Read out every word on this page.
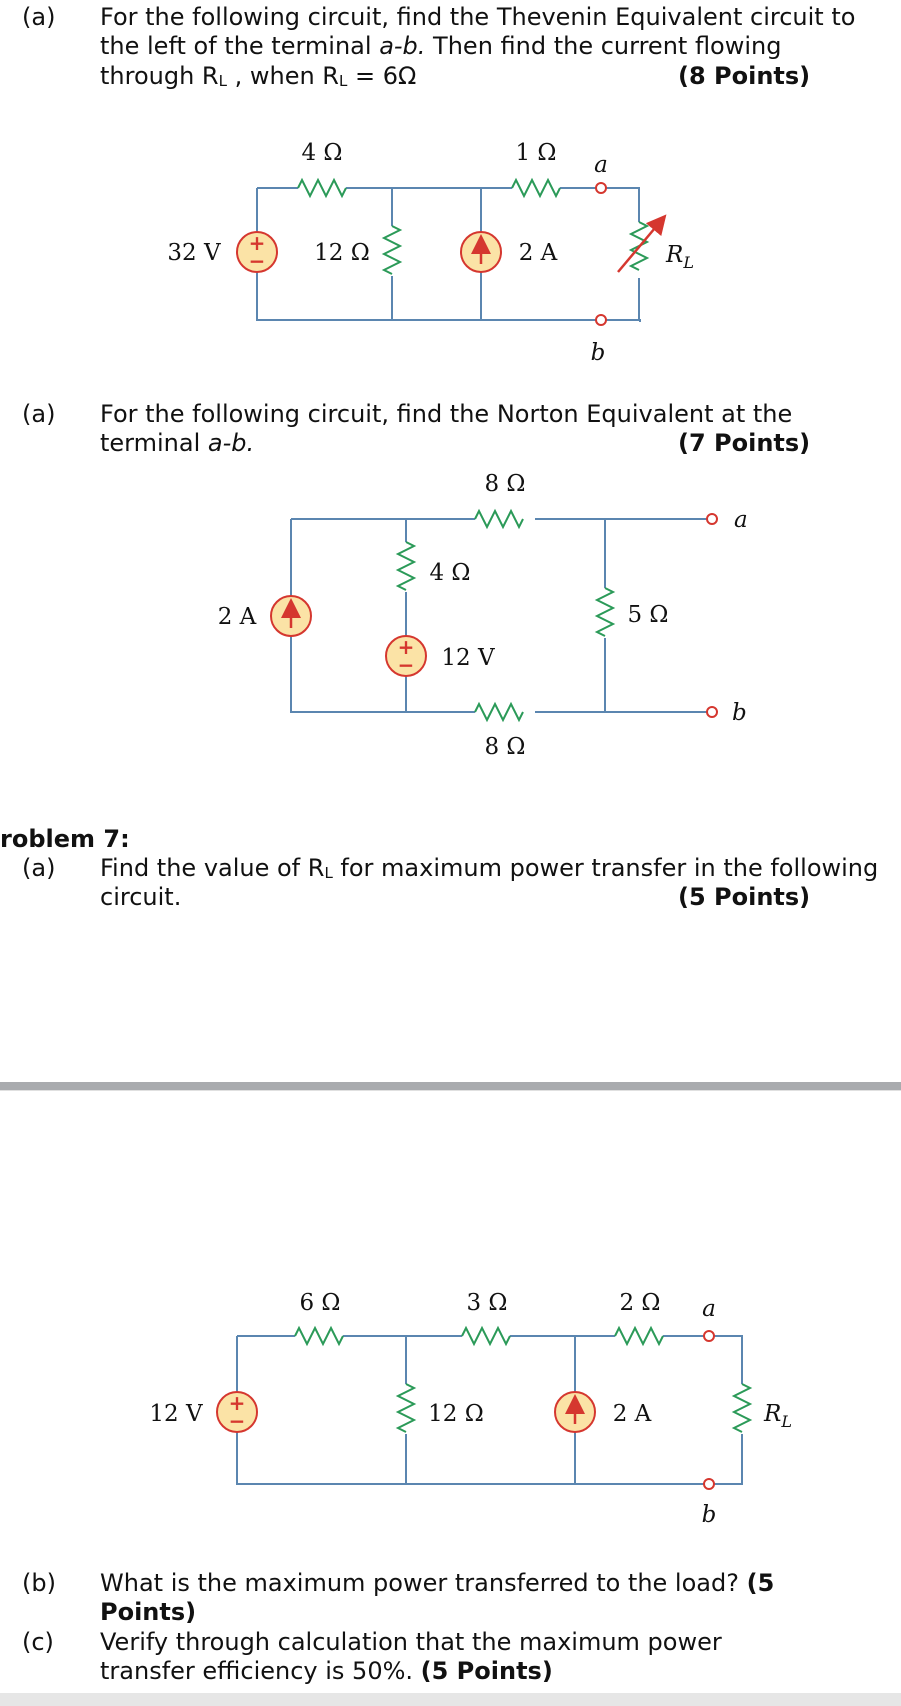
(a) For the following circuit, find the Thevenin Equivalent circuit to
the left of the terminal a-b. Then find the current flowing
through RL , when RL = 6Ω	(8 Points)
(a) For the following circuit, find the Norton Equivalent at the
terminal a-b.	(7 Points)
roblem 7:
(a) Find the value of RL for maximum power transfer in the following
circuit.	(5 Points)
(b) What is the maximum power transferred to the load? (5
Points)
(c) Verify through calculation that the maximum power
transfer efficiency is 50%. (5 Points)
+
−
4 Ω	1 Ω
12 Ω
32 V	2 A	$R_L$
a
b
+
−
8 Ω
4 Ω
5 Ω
8 Ω
12 V
2 A
a
b
+
−
6 Ω	3 Ω	2 Ω
12 Ω
12 V	2 A	$R_L$
a
b
